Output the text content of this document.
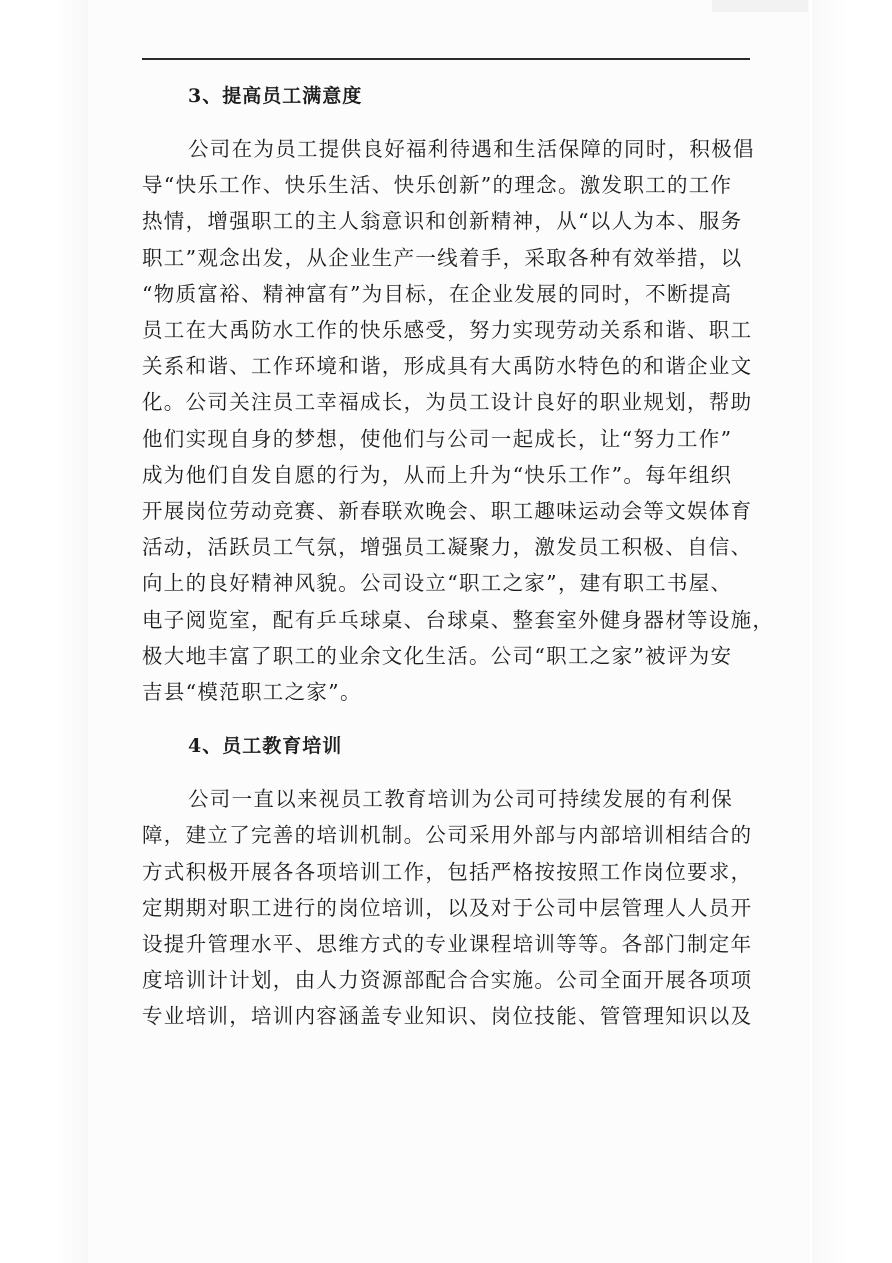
3、提高员工满意度

公司在为员工提供良好福利待遇和生活保障的同时，积极倡

导“快乐工作、快乐生活、快乐创新”的理念。激发职工的工作

热情，增强职工的主人翁意识和创新精神，从“以人为本、服务

职工”观念出发，从企业生产一线着手，采取各种有效举措，以

“物质富裕、精神富有”为目标，在企业发展的同时，不断提高

员工在大禹防水工作的快乐感受，努力实现劳动关系和谐、职工

关系和谐、工作环境和谐，形成具有大禹防水特色的和谐企业文

化。公司关注员工幸福成长，为员工设计良好的职业规划，帮助

他们实现自身的梦想，使他们与公司一起成长，让“努力工作”

成为他们自发自愿的行为，从而上升为“快乐工作”。每年组织

开展岗位劳动竞赛、新春联欢晚会、职工趣味运动会等文娱体育

活动，活跃员工气氛，增强员工凝聚力，激发员工积极、自信、

向上的良好精神风貌。公司设立“职工之家”，建有职工书屋、

电子阅览室，配有乒乓球桌、台球桌、整套室外健身器材等设施，

极大地丰富了职工的业余文化生活。公司“职工之家”被评为安

吉县“模范职工之家”。

4、员工教育培训

公司一直以来视员工教育培训为公司可持续发展的有利保

障，建立了完善的培训机制。公司采用外部与内部培训相结合的

方式积极开展各各项培训工作，包括严格按按照工作岗位要求，

定期期对职工进行的岗位培训，以及对于公司中层管理人人员开

设提升管理水平、思维方式的专业课程培训等等。各部门制定年

度培训计计划，由人力资源部配合合实施。公司全面开展各项项

专业培训，培训内容涵盖专业知识、岗位技能、管管理知识以及
